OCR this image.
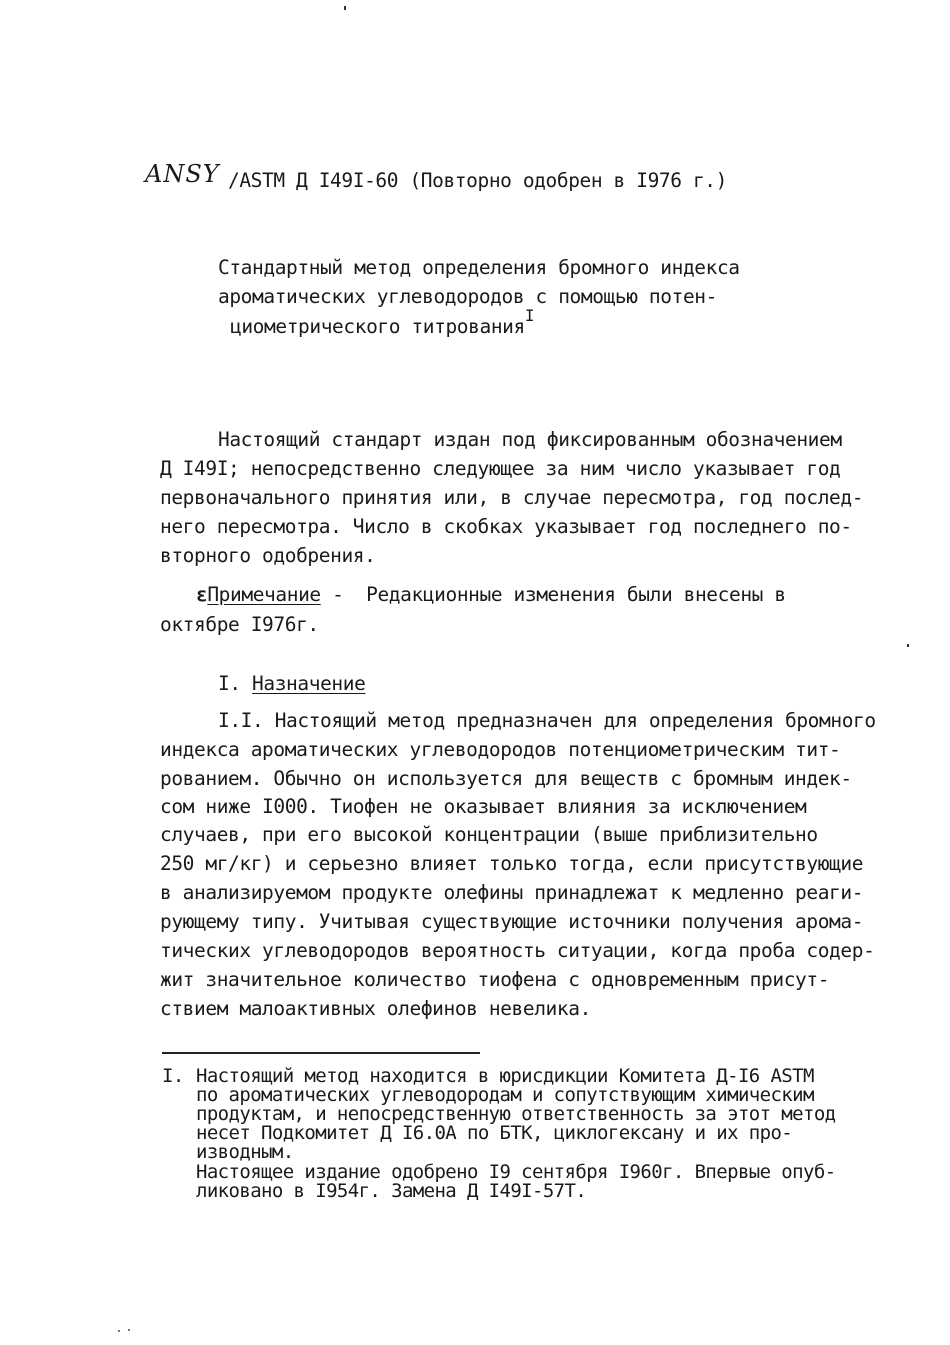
ANSY /ASTM Д I49I-60 (Повторно одобрен в I976 г.)
Стандартный метод определения бромного индекса
ароматических углеводородов с помощью потен-
циометрического титрования$^I$
Настоящий стандарт издан под фиксированным обозначением
Д I49I; непосредственно следующее за ним число указывает год
первоначального принятия или, в случае пересмотра, год послед-
него пересмотра. Число в скобках указывает год последнего по-
вторного одобрения.
εПримечание -  Редакционные изменения были внесены в
октябре I976г.
I. Назначение
I.I. Настоящий метод предназначен для определения бромного
индекса ароматических углеводородов потенциометрическим тит-
рованием. Обычно он используется для веществ с бромным индек-
сом ниже I000. Тиофен не оказывает влияния за исключением
случаев, при его высокой концентрации (выше приблизительно
250 мг/кг) и серьезно влияет только тогда, если присутствующие
в анализируемом продукте олефины принадлежат к медленно реаги-
рующему типу. Учитывая существующие источники получения арома-
тических углеводородов вероятность ситуации, когда проба содер-
жит значительное количество тиофена с одновременным присут-
ствием малоактивных олефинов невелика.
I. Настоящий метод находится в юрисдикции Комитета Д-I6 ASTM
по ароматических углеводородам и сопутствующим химическим
продуктам, и непосредственную ответственность за этот метод
несет Подкомитет Д I6.0А по БТК, циклогексану и их про-
изводным.
Настоящее издание одобрено I9 сентября I960г. Впервые опуб-
ликовано в I954г. Замена Д I49I-57Т.
